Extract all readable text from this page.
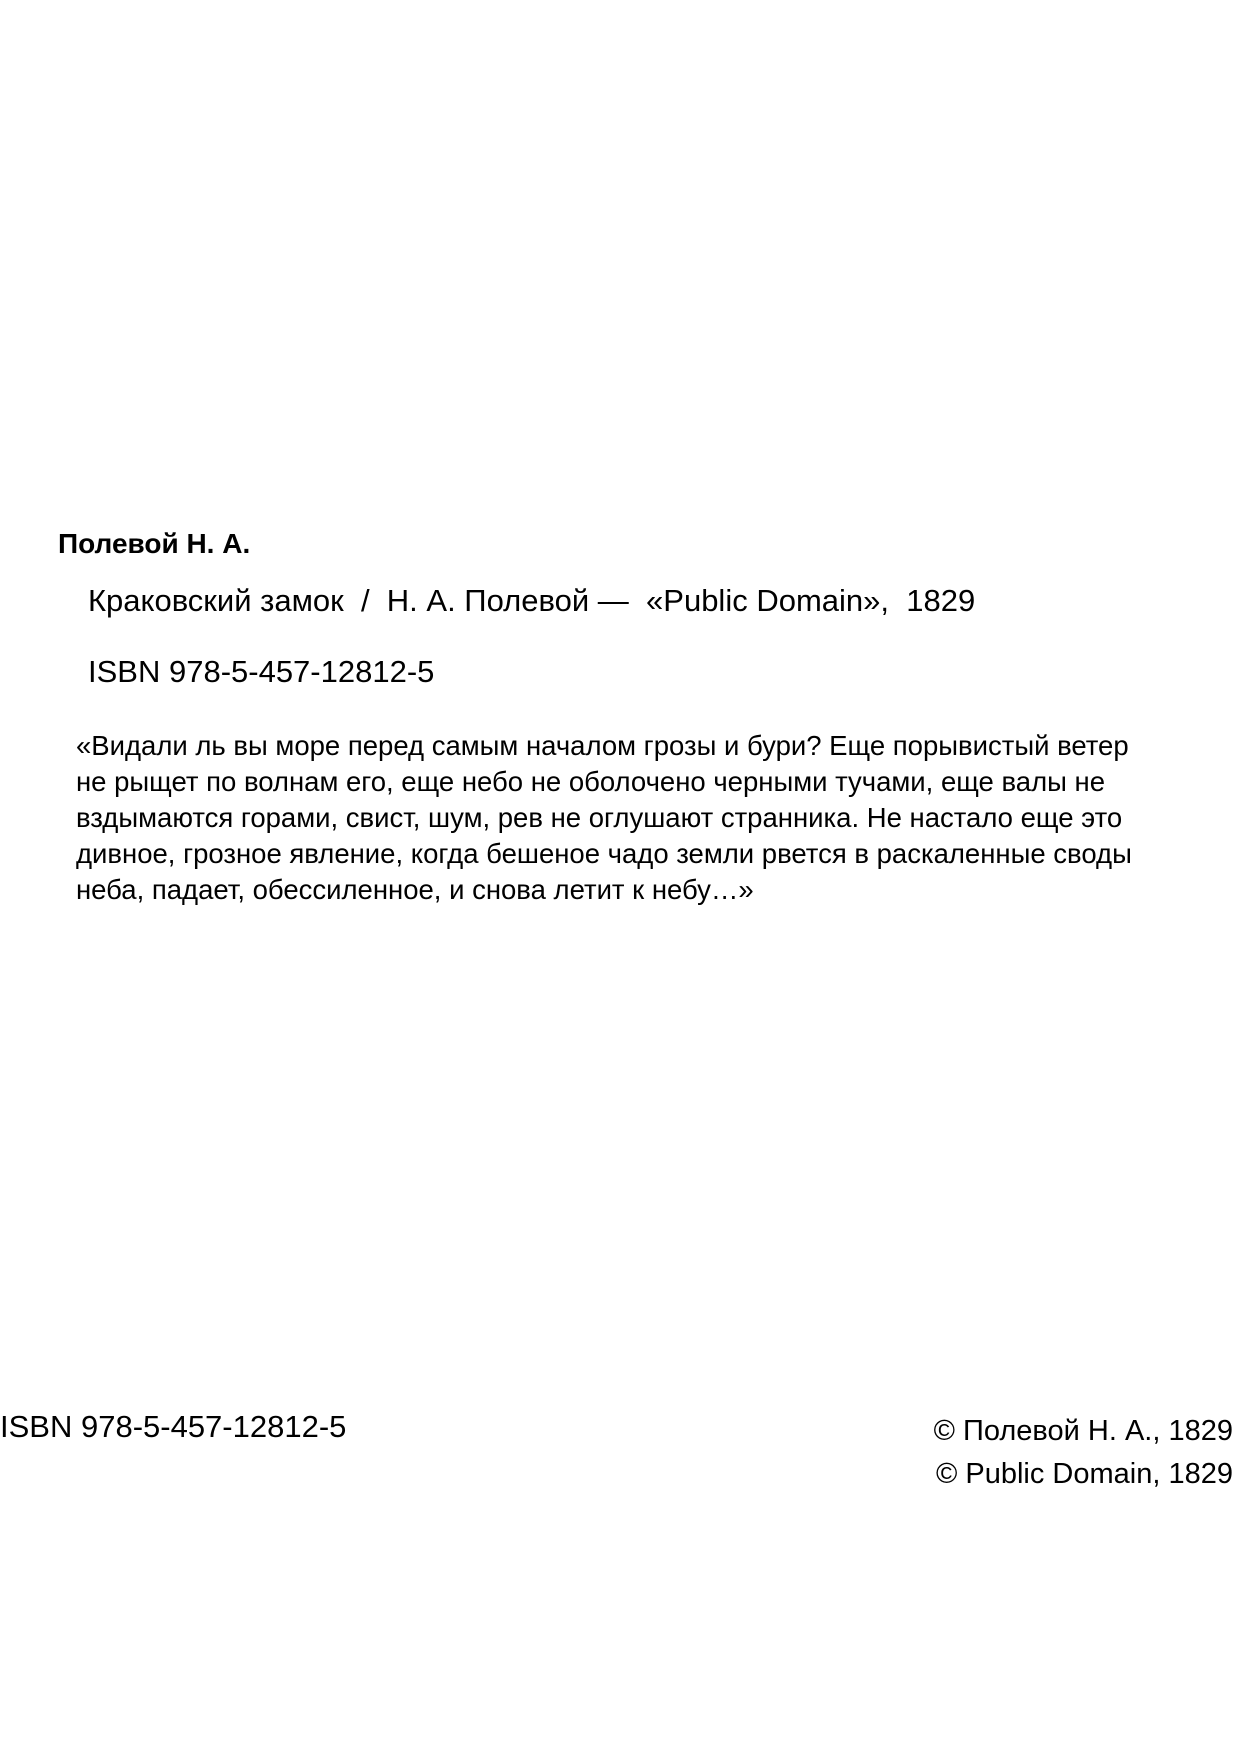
Полевой Н. А.
Краковский замок / Н. А. Полевой — «Public Domain», 1829
ISBN 978-5-457-12812-5
«Видали ль вы море перед самым началом грозы и бури? Еще порывистый ветер
не рыщет по волнам его, еще небо не оболочено черными тучами, еще валы не
вздымаются горами, свист, шум, рев не оглушают странника. Не настало еще это
дивное, грозное явление, когда бешеное чадо земли рвется в раскаленные своды
неба, падает, обессиленное, и снова летит к небу…»
ISBN 978-5-457-12812-5	© Полевой Н. А., 1829
© Public Domain, 1829
